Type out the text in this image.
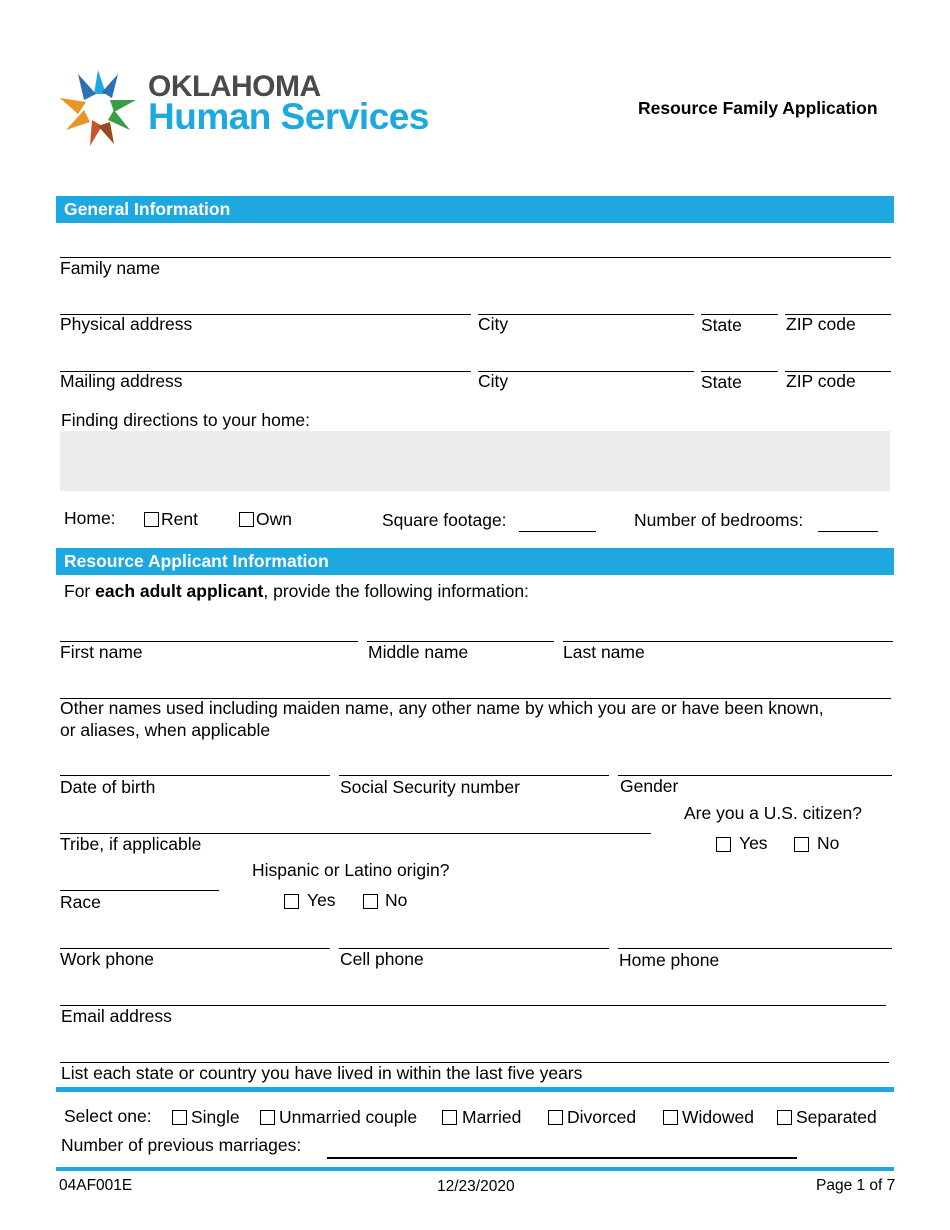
OKLAHOMA
Human Services	Resource Family Application
General Information
Family name
Physical address	City	State	ZIP code
Mailing address	City	State	ZIP code
Finding directions to your home:
Home:	Rent	Own	Square footage:	Number of bedrooms:
Resource Applicant Information
For each adult applicant, provide the following information:
First name	Middle name	Last name
Other names used including maiden name, any other name by which you are or have been known,
or aliases, when applicable
Date of birth	Social Security number	Gender
Are you a U.S. citizen?
Yes	No
Tribe, if applicable
Hispanic or Latino origin?
Race	Yes	No
Work phone	Cell phone	Home phone
Email address
List each state or country you have lived in within the last five years
Select one: Single Unmarried couple	Married	Divorced	Widowed Separated
Number of previous marriages:
04AF001E	12/23/2020	Page 1 of 7
